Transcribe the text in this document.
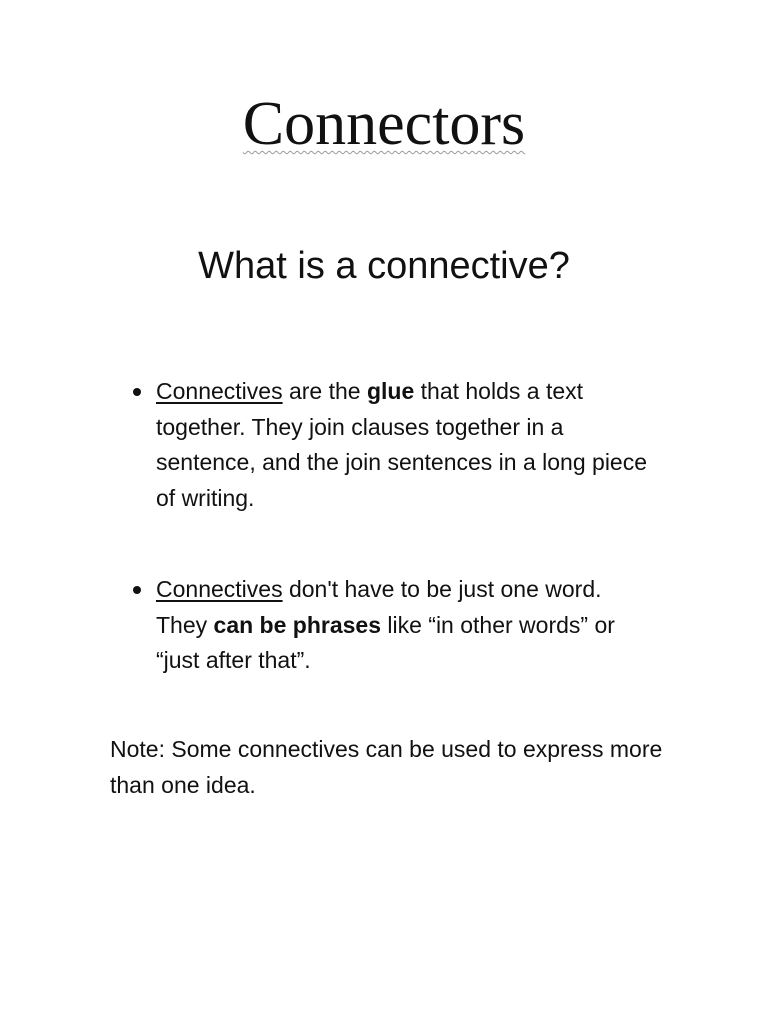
Connectors
What is a connective?
Connectives are the glue that holds a text together. They join clauses together in a sentence, and the join sentences in a long piece of writing.
Connectives don't have to be just one word. They can be phrases like “in other words” or “just after that”.

Note: Some connectives can be used to express more than one idea.
